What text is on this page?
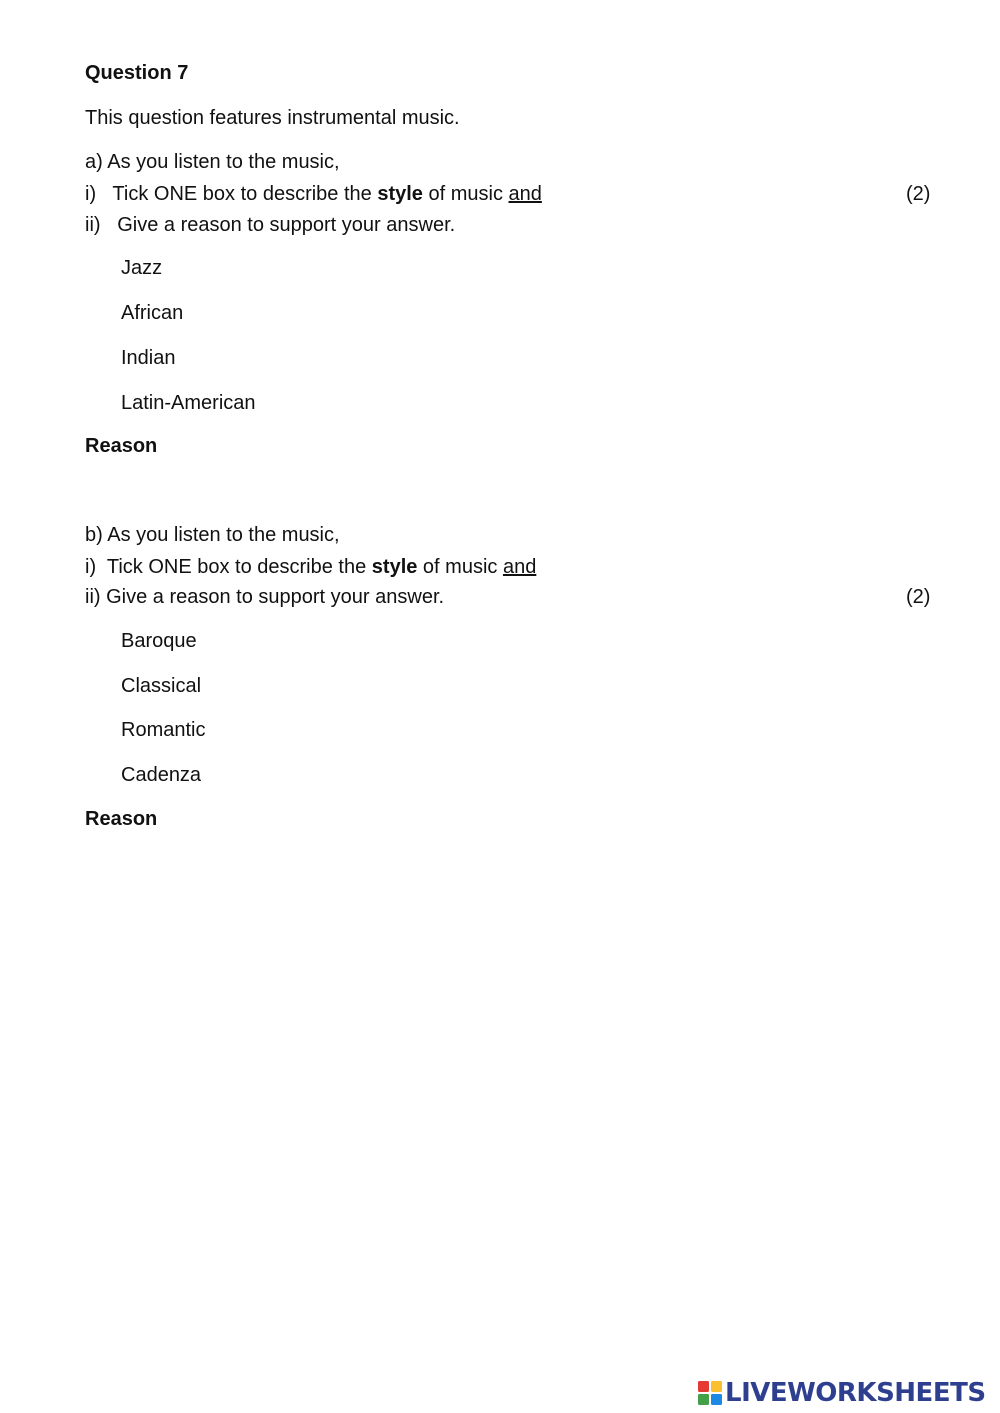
Question 7
This question features instrumental music.
a) As you listen to the music,
i)   Tick ONE box to describe the style of music and	(2)
ii)   Give a reason to support your answer.
Jazz
African
Indian
Latin-American
Reason
b) As you listen to the music,
i)  Tick ONE box to describe the style of music and
ii) Give a reason to support your answer.	(2)
Baroque
Classical
Romantic
Cadenza
Reason
LIVEWORKSHEETS
